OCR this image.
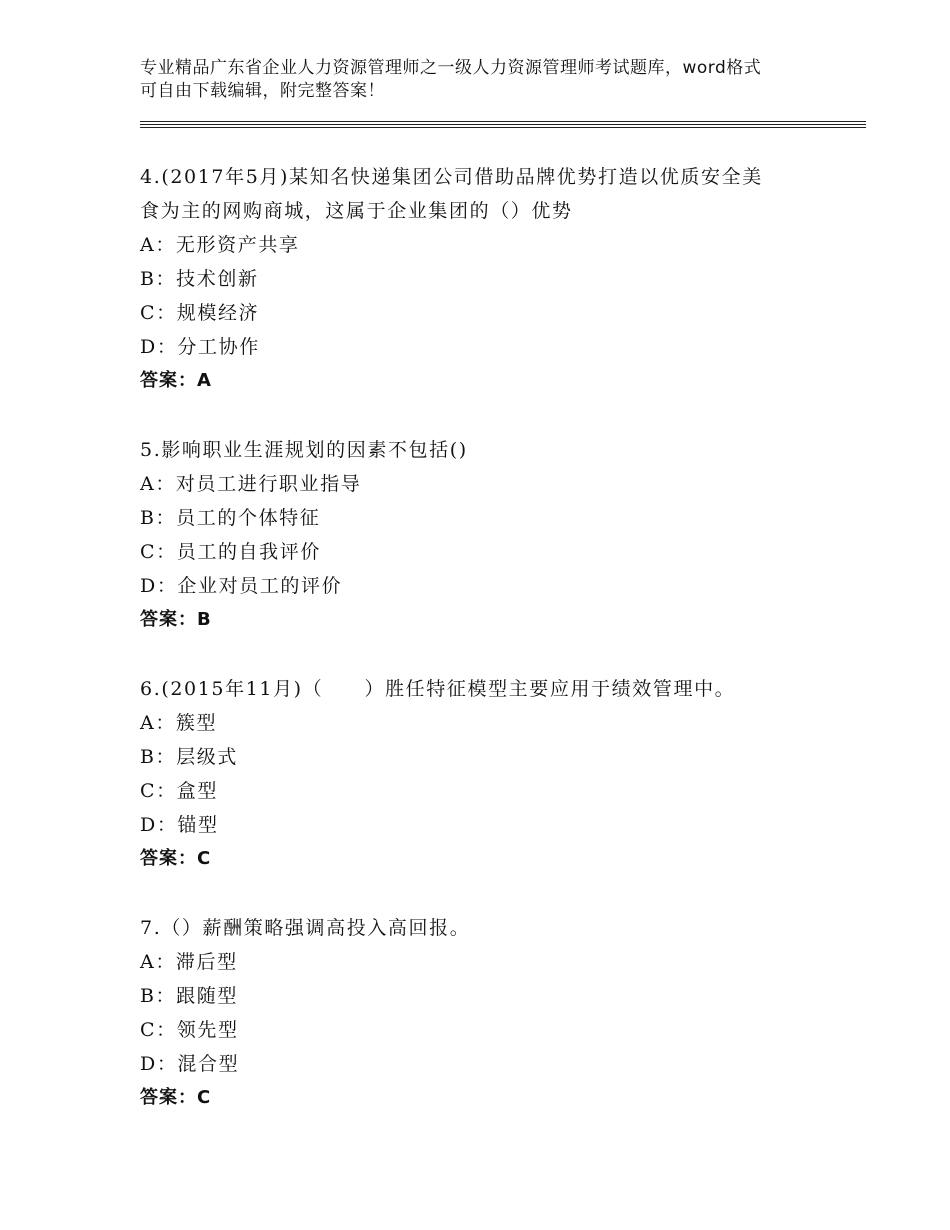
专业精品广东省企业人力资源管理师之一级人力资源管理师考试题库，word格式
可自由下载编辑，附完整答案！
4.(2017年5月)某知名快递集团公司借助品牌优势打造以优质安全美
食为主的网购商城，这属于企业集团的（）优势
A：无形资产共享
B：技术创新
C：规模经济
D：分工协作
答案：A
5.影响职业生涯规划的因素不包括()
A：对员工进行职业指导
B：员工的个体特征
C：员工的自我评价
D：企业对员工的评价
答案：B
6.(2015年11月)（　　）胜任特征模型主要应用于绩效管理中。
A：簇型
B：层级式
C：盒型
D：锚型
答案：C
7.（）薪酬策略强调高投入高回报。
A：滞后型
B：跟随型
C：领先型
D：混合型
答案：C
